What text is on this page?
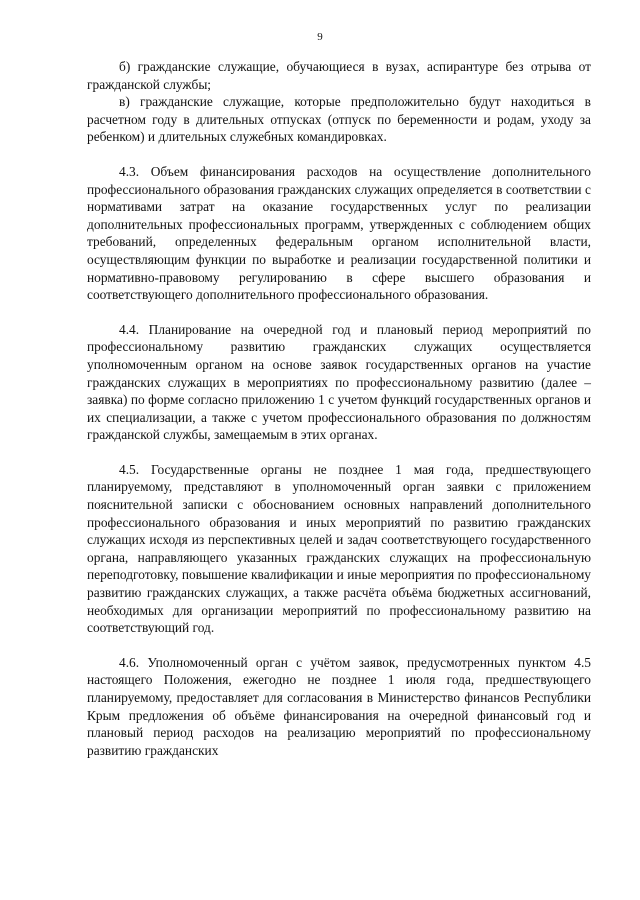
9

б) гражданские служащие, обучающиеся в вузах, аспирантуре без отрыва от гражданской службы;

в) гражданские служащие, которые предположительно будут находиться в расчетном году в длительных отпусках (отпуск по беременности и родам, уходу за ребенком) и длительных служебных командировках.

4.3. Объем финансирования расходов на осуществление дополнительного профессионального образования гражданских служащих определяется в соответствии с нормативами затрат на оказание государственных услуг по реализации дополнительных профессиональных программ, утвержденных с соблюдением общих требований, определенных федеральным органом исполнительной власти, осуществляющим функции по выработке и реализации государственной политики и нормативно-правовому регулированию в сфере высшего образования и соответствующего дополнительного профессионального образования.

4.4. Планирование на очередной год и плановый период мероприятий по профессиональному развитию гражданских служащих осуществляется уполномоченным органом на основе заявок государственных органов на участие гражданских служащих в мероприятиях по профессиональному развитию (далее – заявка) по форме согласно приложению 1 с учетом функций государственных органов и их специализации, а также с учетом профессионального образования по должностям гражданской службы, замещаемым в этих органах.

4.5. Государственные органы не позднее 1 мая года, предшествующего планируемому, представляют в уполномоченный орган заявки с приложением пояснительной записки с обоснованием основных направлений дополнительного профессионального образования и иных мероприятий по развитию гражданских служащих исходя из перспективных целей и задач соответствующего государственного органа, направляющего указанных гражданских служащих на профессиональную переподготовку, повышение квалификации и иные мероприятия по профессиональному развитию гражданских служащих, а также расчёта объёма бюджетных ассигнований, необходимых для организации мероприятий по профессиональному развитию на соответствующий год.

4.6. Уполномоченный орган с учётом заявок, предусмотренных пунктом 4.5 настоящего Положения, ежегодно не позднее 1 июля года, предшествующего планируемому, предоставляет для согласования в Министерство финансов Республики Крым предложения об объёме финансирования на очередной финансовый год и плановый период расходов на реализацию мероприятий по профессиональному развитию гражданских
